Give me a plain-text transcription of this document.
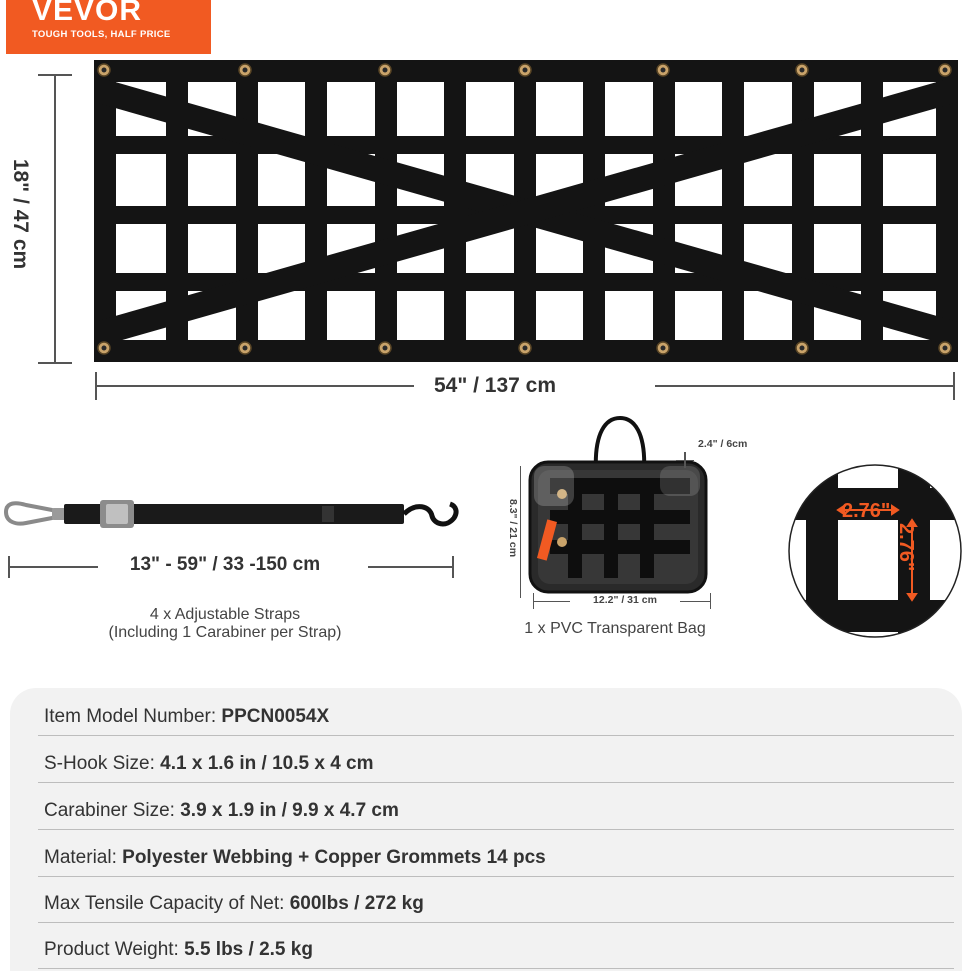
VEVOR
TOUGH TOOLS, HALF PRICE
18" / 47 cm
54" / 137 cm
13" - 59" / 33 -150 cm
4 x Adjustable Straps
(Including 1 Carabiner per Strap)
2.4" / 6cm
8.3" / 21 cm
12.2" / 31 cm
1 x PVC Transparent Bag
2.76"
2.76"
Item Model Number: PPCN0054X
S-Hook Size: 4.1 x 1.6 in / 10.5 x 4 cm
Carabiner Size: 3.9 x 1.9 in / 9.9 x 4.7 cm
Material: Polyester Webbing + Copper Grommets 14 pcs
Max Tensile Capacity of Net: 600lbs / 272 kg
Product Weight: 5.5 lbs / 2.5 kg
